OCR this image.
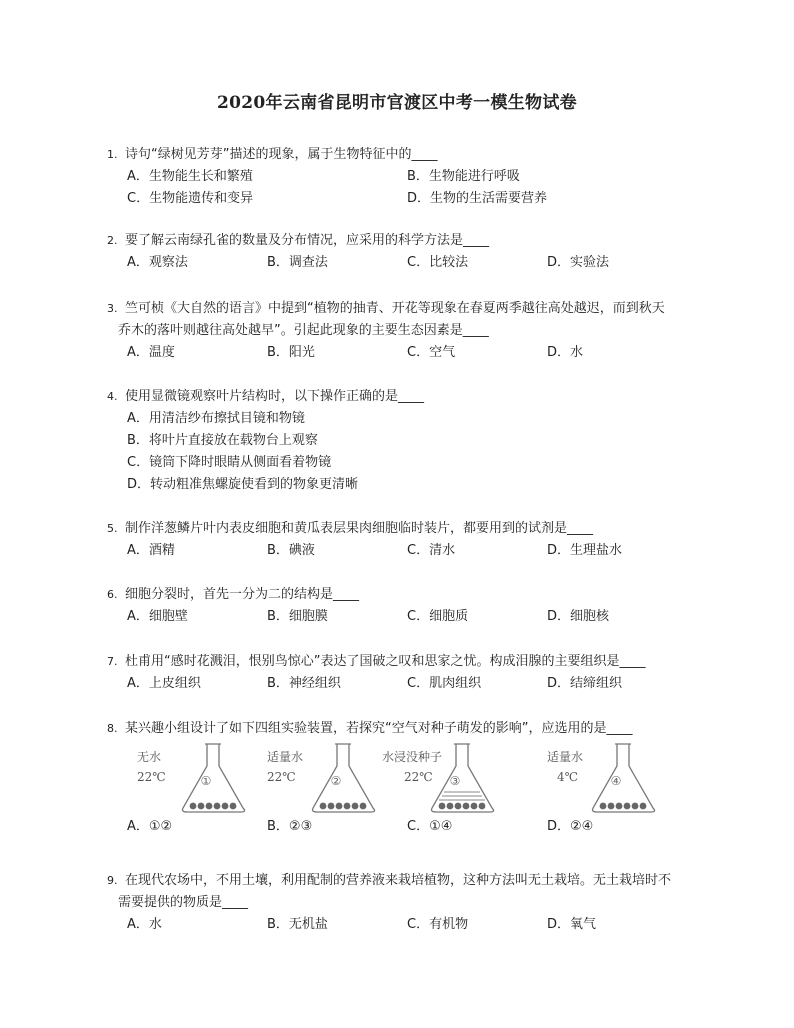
2020年云南省昆明市官渡区中考一模生物试卷
1. 诗句“绿树见芳芽”描述的现象，属于生物特征中的____
A．生物能生长和繁殖	B．生物能进行呼吸
C．生物能遗传和变异	D．生物的生活需要营养
2. 要了解云南绿孔雀的数量及分布情况，应采用的科学方法是____
A．观察法	B．调查法	C．比较法	D．实验法
3. 竺可桢《大自然的语言》中提到“植物的抽青、开花等现象在春夏两季越往高处越迟，而到秋天
乔木的落叶则越往高处越早”。引起此现象的主要生态因素是____
A．温度	B．阳光	C．空气	D．水
4. 使用显微镜观察叶片结构时，以下操作正确的是____
A．用清洁纱布擦拭目镜和物镜
B．将叶片直接放在载物台上观察
C．镜筒下降时眼睛从侧面看着物镜
D．转动粗准焦螺旋使看到的物象更清晰
5. 制作洋葱鳞片叶内表皮细胞和黄瓜表层果肉细胞临时装片，都要用到的试剂是____
A．酒精	B．碘液	C．清水	D．生理盐水
6. 细胞分裂时，首先一分为二的结构是____
A．细胞壁	B．细胞膜	C．细胞质	D．细胞核
7. 杜甫用“感时花溅泪，恨别鸟惊心”表达了国破之叹和思家之忧。构成泪腺的主要组织是____
A．上皮组织	B．神经组织	C．肌肉组织	D．结缔组织
8. 某兴趣小组设计了如下四组实验装置，若探究“空气对种子萌发的影响”，应选用的是____
无水
22℃	①
适量水
22℃	②
水浸没种子
22℃	③
适量水
4℃	④
A．①②	B．②③	C．①④	D．②④
9. 在现代农场中，不用土壤，利用配制的营养液来栽培植物，这种方法叫无土栽培。无土栽培时不
需要提供的物质是____
A．水	B．无机盐	C．有机物	D．氧气
